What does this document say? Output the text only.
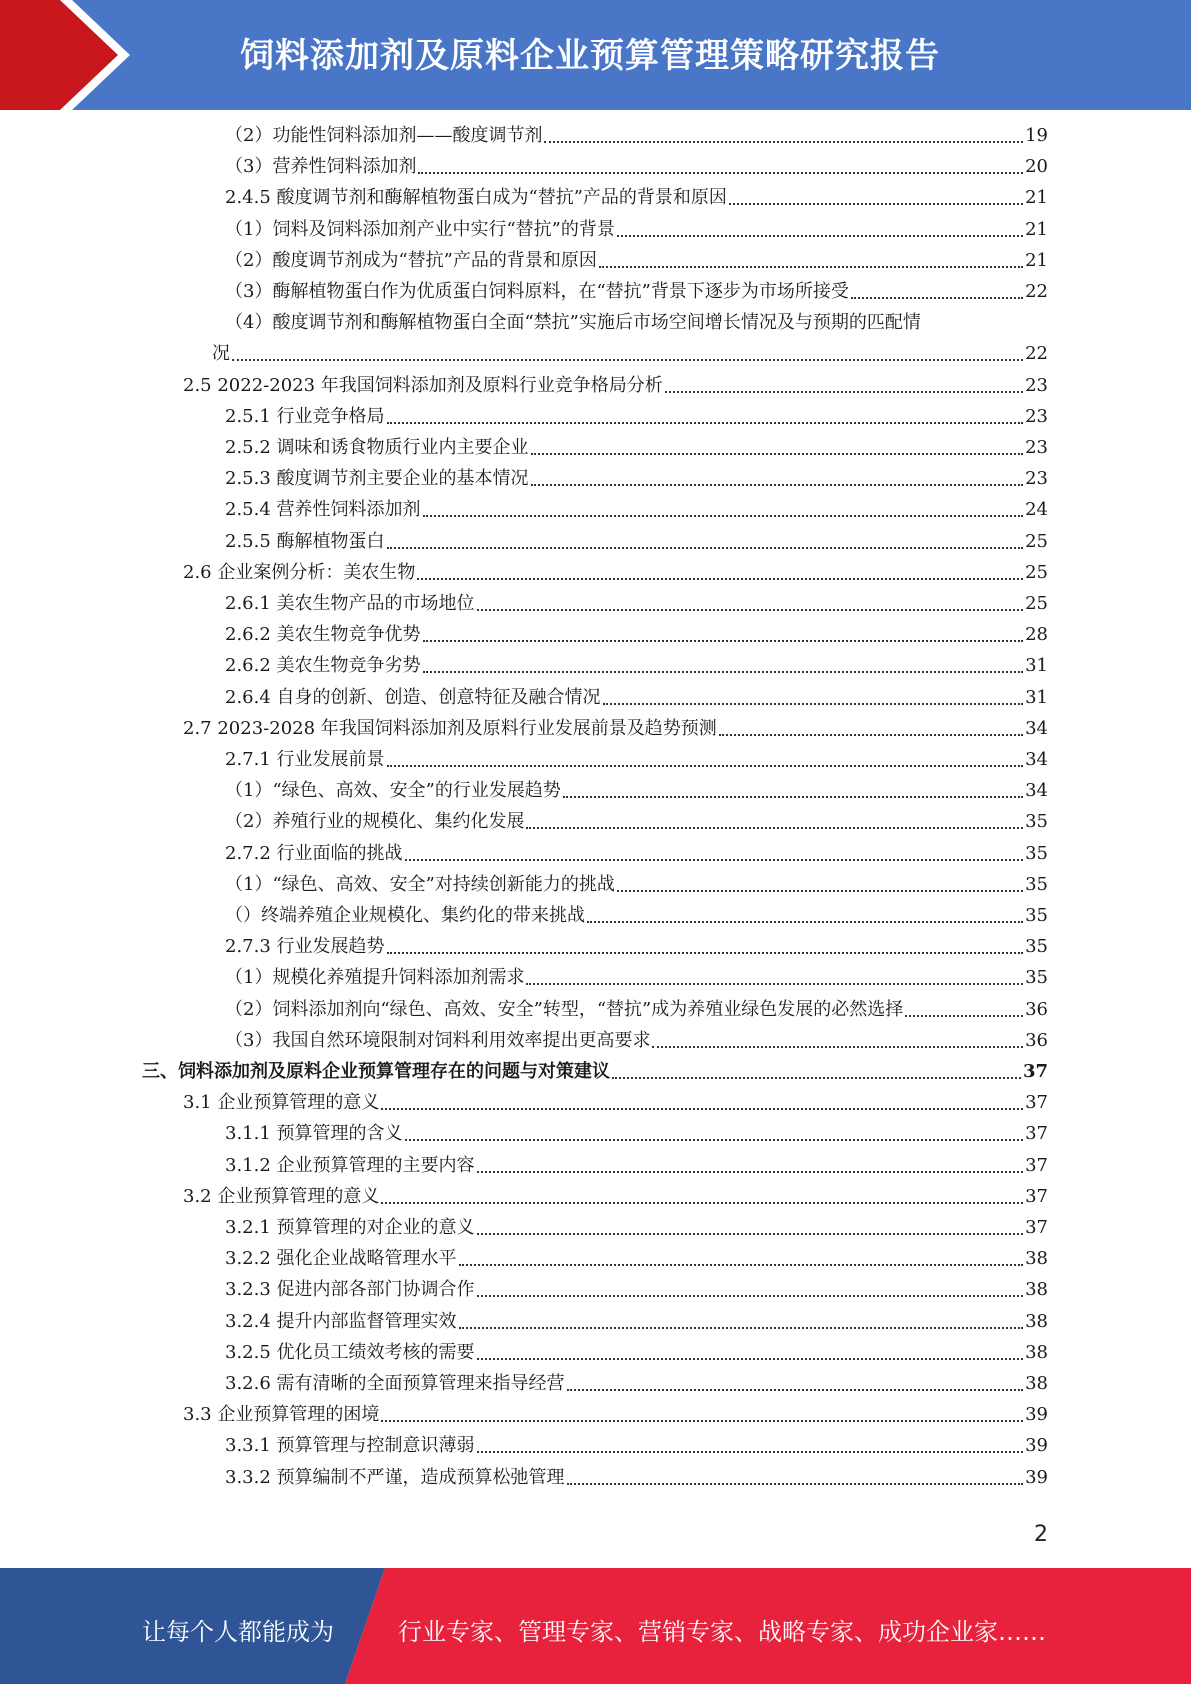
饲料添加剂及原料企业预算管理策略研究报告
（2）功能性饲料添加剂——酸度调节剂	19
（3）营养性饲料添加剂	20
2.4.5 酸度调节剂和酶解植物蛋白成为“替抗”产品的背景和原因	21
（1）饲料及饲料添加剂产业中实行“替抗”的背景	21
（2）酸度调节剂成为“替抗”产品的背景和原因	21
（3）酶解植物蛋白作为优质蛋白饲料原料，在“替抗”背景下逐步为市场所接受	22
（4）酸度调节剂和酶解植物蛋白全面“禁抗”实施后市场空间增长情况及与预期的匹配情
况	22
2.5 2022-2023 年我国饲料添加剂及原料行业竞争格局分析	23
2.5.1 行业竞争格局	23
2.5.2 调味和诱食物质行业内主要企业	23
2.5.3 酸度调节剂主要企业的基本情况	23
2.5.4 营养性饲料添加剂	24
2.5.5 酶解植物蛋白	25
2.6 企业案例分析：美农生物	25
2.6.1 美农生物产品的市场地位	25
2.6.2 美农生物竞争优势	28
2.6.2 美农生物竞争劣势	31
2.6.4 自身的创新、创造、创意特征及融合情况	31
2.7 2023-2028 年我国饲料添加剂及原料行业发展前景及趋势预测	34
2.7.1 行业发展前景	34
（1）“绿色、高效、安全”的行业发展趋势	34
（2）养殖行业的规模化、集约化发展	35
2.7.2 行业面临的挑战	35
（1）“绿色、高效、安全”对持续创新能力的挑战	35
（）终端养殖企业规模化、集约化的带来挑战	35
2.7.3 行业发展趋势	35
（1）规模化养殖提升饲料添加剂需求	35
（2）饲料添加剂向“绿色、高效、安全”转型，“替抗”成为养殖业绿色发展的必然选择	36
（3）我国自然环境限制对饲料利用效率提出更高要求	36
三、饲料添加剂及原料企业预算管理存在的问题与对策建议	37
3.1 企业预算管理的意义	37
3.1.1 预算管理的含义	37
3.1.2 企业预算管理的主要内容	37
3.2 企业预算管理的意义	37
3.2.1 预算管理的对企业的意义	37
3.2.2 强化企业战略管理水平	38
3.2.3 促进内部各部门协调合作	38
3.2.4 提升内部监督管理实效	38
3.2.5 优化员工绩效考核的需要	38
3.2.6 需有清晰的全面预算管理来指导经营	38
3.3 企业预算管理的困境	39
3.3.1 预算管理与控制意识薄弱	39
3.3.2 预算编制不严谨，造成预算松弛管理	39
2
让每个人都能成为	行业专家、管理专家、营销专家、战略专家、成功企业家……
